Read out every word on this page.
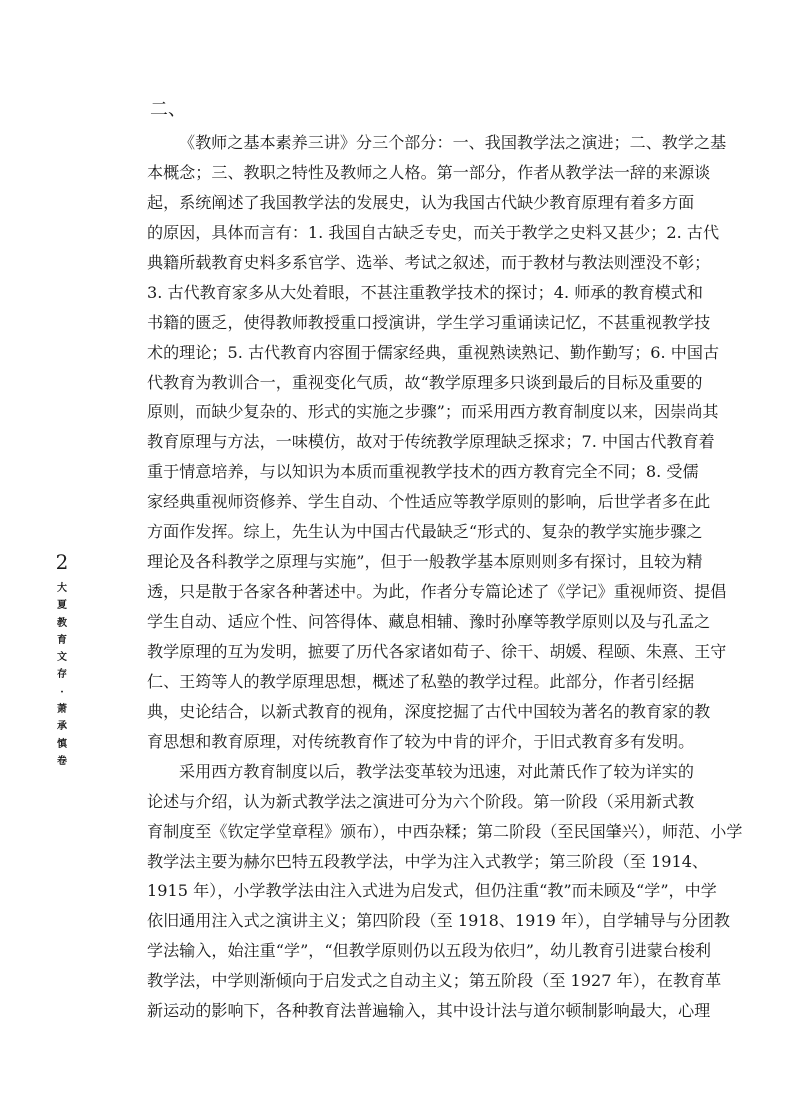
2
大
夏
教
育
文
存
·
萧
承
慎
卷
二、
《教师之基本素养三讲》分三个部分：一、我国教学法之演进；二、教学之基
本概念；三、教职之特性及教师之人格。第一部分，作者从教学法一辞的来源谈
起，系统阐述了我国教学法的发展史，认为我国古代缺少教育原理有着多方面
的原因，具体而言有：1. 我国自古缺乏专史，而关于教学之史料又甚少；2. 古代
典籍所载教育史料多系官学、选举、考试之叙述，而于教材与教法则湮没不彰；
3. 古代教育家多从大处着眼，不甚注重教学技术的探讨；4. 师承的教育模式和
书籍的匮乏，使得教师教授重口授演讲，学生学习重诵读记忆，不甚重视教学技
术的理论；5. 古代教育内容囿于儒家经典，重视熟读熟记、勤作勤写；6. 中国古
代教育为教训合一，重视变化气质，故“教学原理多只谈到最后的目标及重要的
原则，而缺少复杂的、形式的实施之步骤”；而采用西方教育制度以来，因崇尚其
教育原理与方法，一味模仿，故对于传统教学原理缺乏探求；7. 中国古代教育着
重于情意培养，与以知识为本质而重视教学技术的西方教育完全不同；8. 受儒
家经典重视师资修养、学生自动、个性适应等教学原则的影响，后世学者多在此
方面作发挥。综上，先生认为中国古代最缺乏“形式的、复杂的教学实施步骤之
理论及各科教学之原理与实施”，但于一般教学基本原则则多有探讨，且较为精
透，只是散于各家各种著述中。为此，作者分专篇论述了《学记》重视师资、提倡
学生自动、适应个性、问答得体、藏息相辅、豫时孙摩等教学原则以及与孔孟之
教学原理的互为发明，摭要了历代各家诸如荀子、徐干、胡媛、程颐、朱熹、王守
仁、王筠等人的教学原理思想，概述了私塾的教学过程。此部分，作者引经据
典，史论结合，以新式教育的视角，深度挖掘了古代中国较为著名的教育家的教
育思想和教育原理，对传统教育作了较为中肯的评介，于旧式教育多有发明。
采用西方教育制度以后，教学法变革较为迅速，对此萧氏作了较为详实的
论述与介绍，认为新式教学法之演进可分为六个阶段。第一阶段（采用新式教
育制度至《钦定学堂章程》颁布），中西杂糅；第二阶段（至民国肇兴），师范、小学
教学法主要为赫尔巴特五段教学法，中学为注入式教学；第三阶段（至 1914、
1915 年），小学教学法由注入式进为启发式，但仍注重“教”而未顾及“学”，中学
依旧通用注入式之演讲主义；第四阶段（至 1918、1919 年），自学辅导与分团教
学法输入，始注重“学”，“但教学原则仍以五段为依归”，幼儿教育引进蒙台梭利
教学法，中学则渐倾向于启发式之自动主义；第五阶段（至 1927 年），在教育革
新运动的影响下，各种教育法普遍输入，其中设计法与道尔顿制影响最大，心理
